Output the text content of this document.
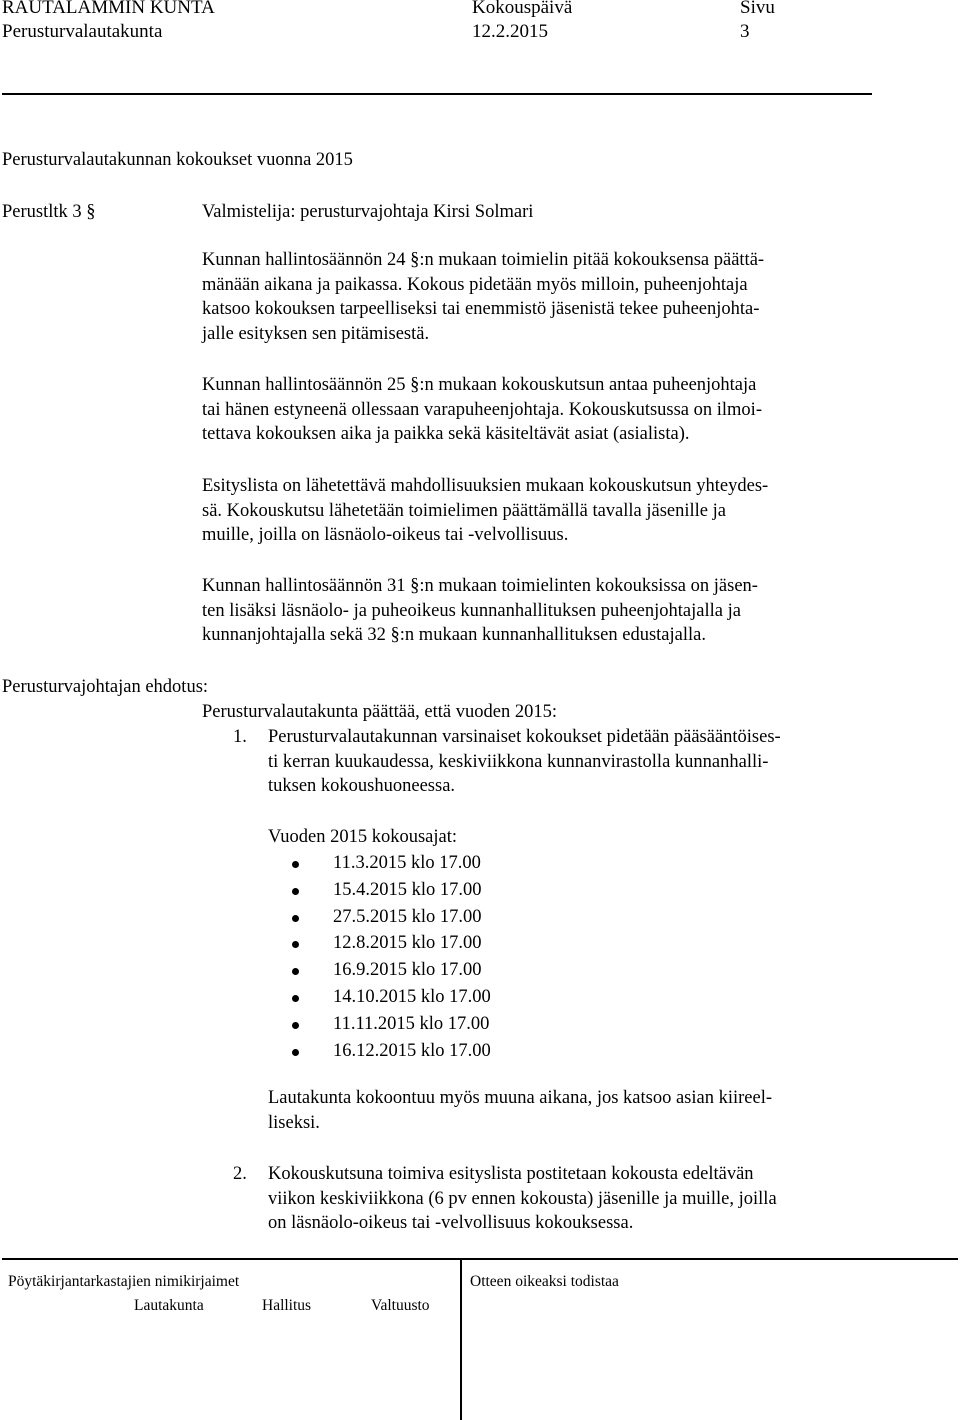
RAUTALAMMIN KUNTA	Kokouspäivä	Sivu
Perusturvalautakunta	12.2.2015	3
Perusturvalautakunnan kokoukset vuonna 2015
Perustltk 3 §	Valmistelija: perusturvajohtaja Kirsi Solmari
Kunnan hallintosäännön 24 §:n mukaan toimielin pitää kokouksensa päättä-
mänään aikana ja paikassa. Kokous pidetään myös milloin, puheenjohtaja
katsoo kokouksen tarpeelliseksi tai enemmistö jäsenistä tekee puheenjohta-
jalle esityksen sen pitämisestä.
Kunnan hallintosäännön 25 §:n mukaan kokouskutsun antaa puheenjohtaja
tai hänen estyneenä ollessaan varapuheenjohtaja. Kokouskutsussa on ilmoi-
tettava kokouksen aika ja paikka sekä käsiteltävät asiat (asialista).
Esityslista on lähetettävä mahdollisuuksien mukaan kokouskutsun yhteydes-
sä. Kokouskutsu lähetetään toimielimen päättämällä tavalla jäsenille ja
muille, joilla on läsnäolo-oikeus tai -velvollisuus.
Kunnan hallintosäännön 31 §:n mukaan toimielinten kokouksissa on jäsen-
ten lisäksi läsnäolo- ja puheoikeus kunnanhallituksen puheenjohtajalla ja
kunnanjohtajalla sekä 32 §:n mukaan kunnanhallituksen edustajalla.
Perusturvajohtajan ehdotus:
Perusturvalautakunta päättää, että vuoden 2015:
1. Perusturvalautakunnan varsinaiset kokoukset pidetään pääsääntöises-
ti kerran kuukaudessa, keskiviikkona kunnanvirastolla kunnanhalli-
tuksen kokoushuoneessa.
Vuoden 2015 kokousajat:
11.3.2015 klo 17.00
15.4.2015 klo 17.00
27.5.2015 klo 17.00
12.8.2015 klo 17.00
16.9.2015 klo 17.00
14.10.2015 klo 17.00
11.11.2015 klo 17.00
16.12.2015 klo 17.00
Lautakunta kokoontuu myös muuna aikana, jos katsoo asian kiireel-
liseksi.
2. Kokouskutsuna toimiva esityslista postitetaan kokousta edeltävän
viikon keskiviikkona (6 pv ennen kokousta) jäsenille ja muille, joilla
on läsnäolo-oikeus tai -velvollisuus kokouksessa.
Pöytäkirjantarkastajien nimikirjaimet	Otteen oikeaksi todistaa
Lautakunta	Hallitus	Valtuusto
